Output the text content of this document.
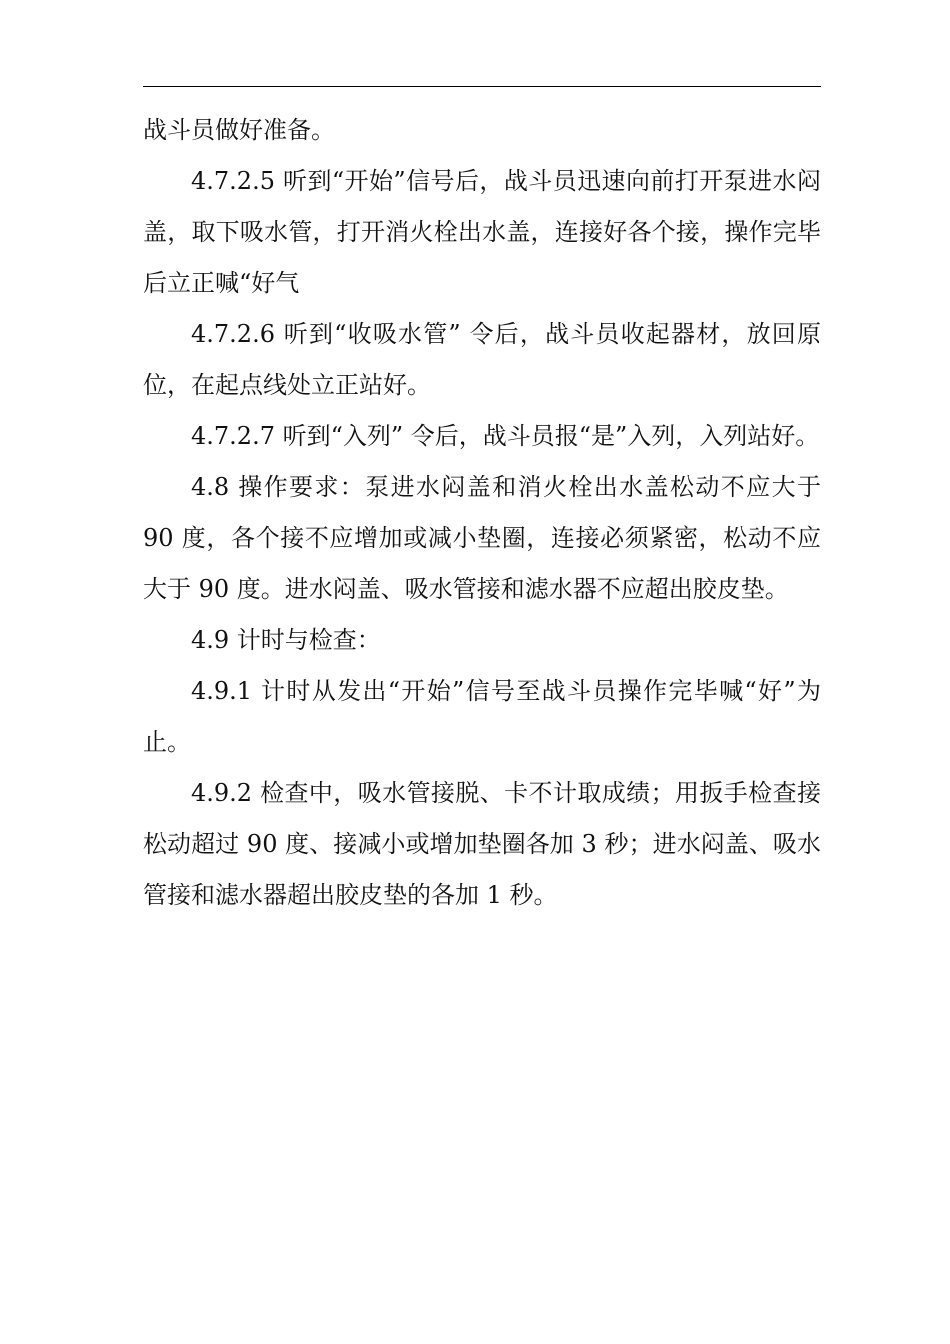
战斗员做好准备。

4.7.2.5 听到“开始”信号后，战斗员迅速向前打开泵进水闷盖，取下吸水管，打开消火栓出水盖，连接好各个接，操作完毕后立正喊“好气

4.7.2.6 听到“收吸水管” 令后，战斗员收起器材，放回原位，在起点线处立正站好。

4.7.2.7 听到“入列” 令后，战斗员报“是”入列，入列站好。

4.8 操作要求：泵进水闷盖和消火栓出水盖松动不应大于 90 度，各个接不应增加或减小垫圈，连接必须紧密，松动不应大于 90 度。进水闷盖、吸水管接和滤水器不应超出胶皮垫。

4.9 计时与检查：

4.9.1 计时从发出“开始”信号至战斗员操作完毕喊“好”为止。

4.9.2 检查中，吸水管接脱、卡不计取成绩；用扳手检查接松动超过 90 度、接减小或增加垫圈各加 3 秒；进水闷盖、吸水管接和滤水器超出胶皮垫的各加 1 秒。
